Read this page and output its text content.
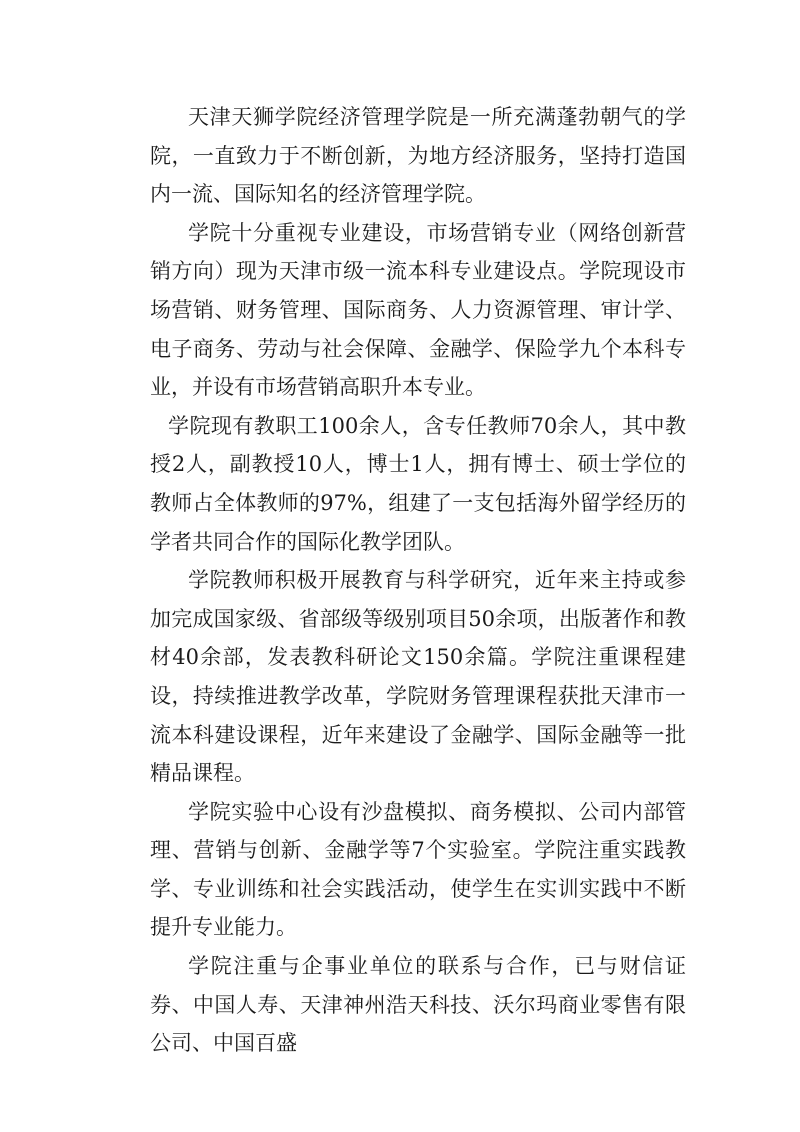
天津天狮学院经济管理学院是一所充满蓬勃朝气的学院，一直致力于不断创新，为地方经济服务，坚持打造国内一流、国际知名的经济管理学院。

学院十分重视专业建设，市场营销专业（网络创新营销方向）现为天津市级一流本科专业建设点。学院现设市场营销、财务管理、国际商务、人力资源管理、审计学、电子商务、劳动与社会保障、金融学、保险学九个本科专业，并设有市场营销高职升本专业。

学院现有教职工100余人，含专任教师70余人，其中教授2人，副教授10人，博士1人，拥有博士、硕士学位的教师占全体教师的97%，组建了一支包括海外留学经历的学者共同合作的国际化教学团队。

学院教师积极开展教育与科学研究，近年来主持或参加完成国家级、省部级等级别项目50余项，出版著作和教材40余部，发表教科研论文150余篇。学院注重课程建设，持续推进教学改革，学院财务管理课程获批天津市一流本科建设课程，近年来建设了金融学、国际金融等一批精品课程。

学院实验中心设有沙盘模拟、商务模拟、公司内部管理、营销与创新、金融学等7个实验室。学院注重实践教学、专业训练和社会实践活动，使学生在实训实践中不断提升专业能力。

学院注重与企事业单位的联系与合作，已与财信证券、中国人寿、天津神州浩天科技、沃尔玛商业零售有限公司、中国百盛
